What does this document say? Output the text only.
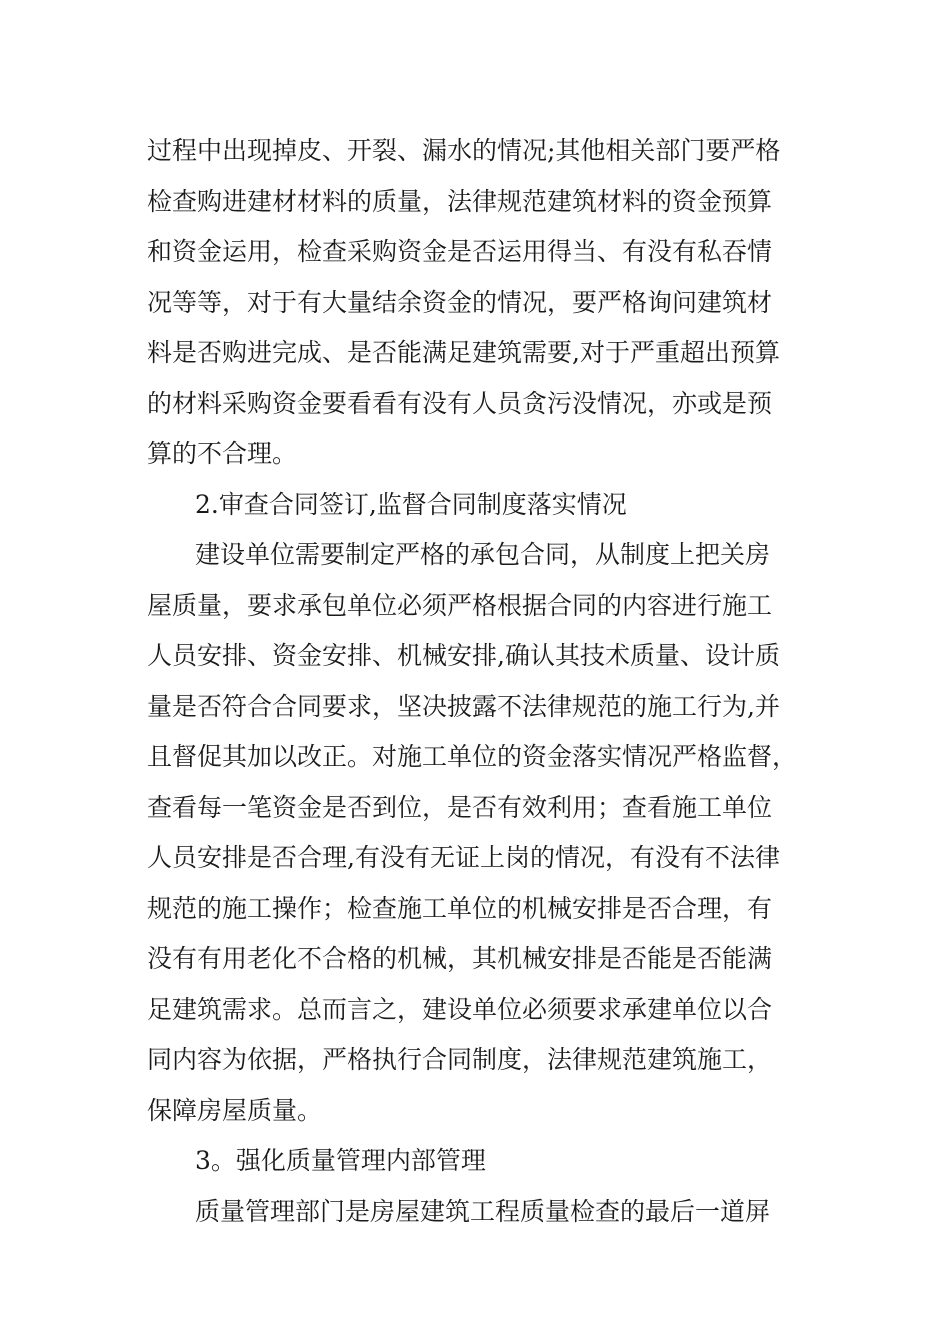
过程中出现掉皮、开裂、漏水的情况;其他相关部门要严格
检查购进建材材料的质量，法律规范建筑材料的资金预算
和资金运用，检查采购资金是否运用得当、有没有私吞情
况等等，对于有大量结余资金的情况，要严格询问建筑材
料是否购进完成、是否能满足建筑需要,对于严重超出预算
的材料采购资金要看看有没有人员贪污没情况，亦或是预
算的不合理。
2.审查合同签订,监督合同制度落实情况
建设单位需要制定严格的承包合同，从制度上把关房
屋质量，要求承包单位必须严格根据合同的内容进行施工
人员安排、资金安排、机械安排,确认其技术质量、设计质
量是否符合合同要求，坚决披露不法律规范的施工行为,并
且督促其加以改正。对施工单位的资金落实情况严格监督，
查看每一笔资金是否到位，是否有效利用；查看施工单位
人员安排是否合理,有没有无证上岗的情况，有没有不法律
规范的施工操作；检查施工单位的机械安排是否合理，有
没有有用老化不合格的机械，其机械安排是否能是否能满
足建筑需求。总而言之，建设单位必须要求承建单位以合
同内容为依据，严格执行合同制度，法律规范建筑施工，
保障房屋质量。
3。强化质量管理内部管理
质量管理部门是房屋建筑工程质量检查的最后一道屏
